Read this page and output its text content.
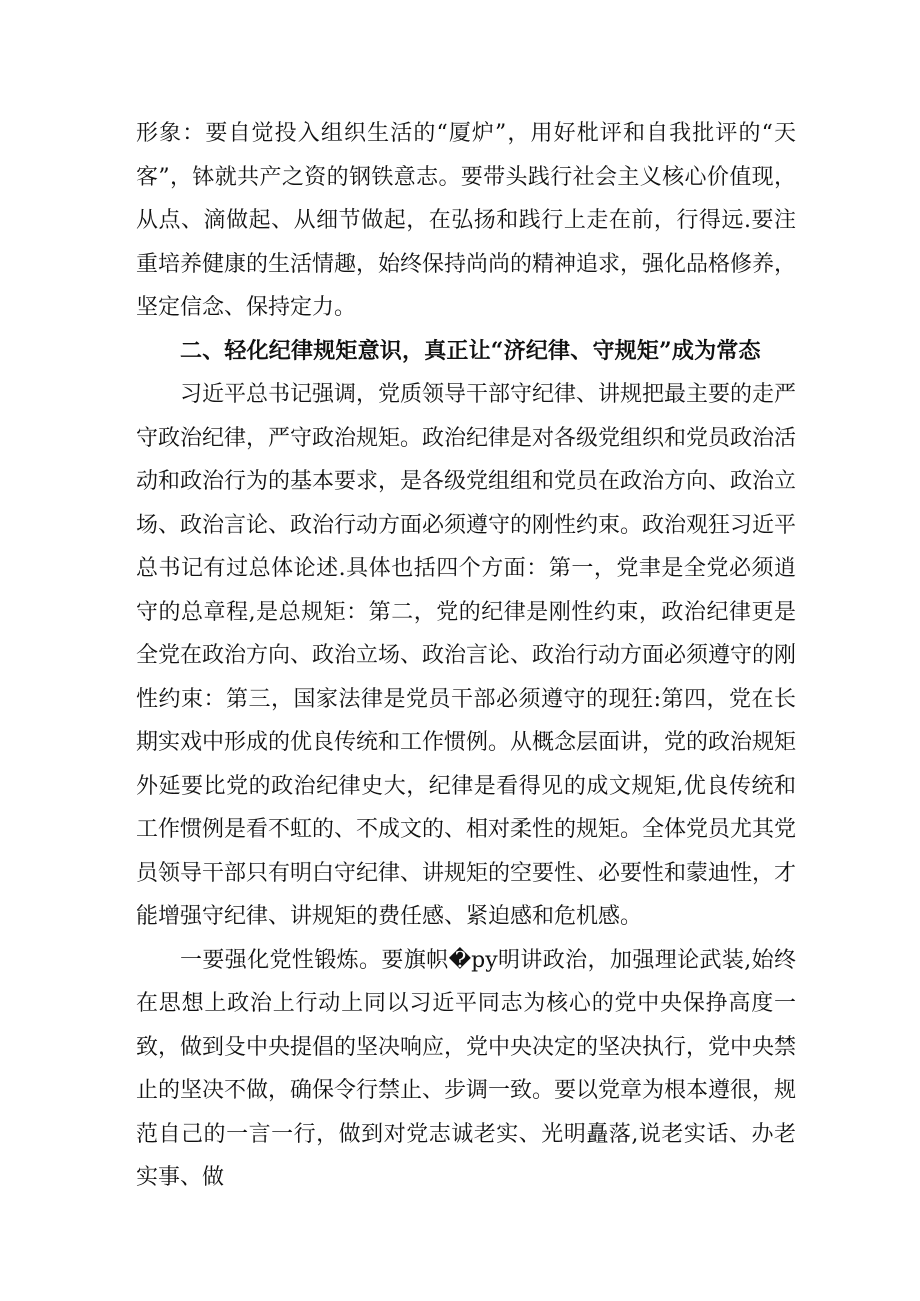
形象：要自觉投入组织生活的“厦炉”，用好枇评和自我批评的“天客”，钵就共产之资的钢铁意志。要带头践行社会主义核心价值现，从点、滴做起、从细节做起，在弘扬和践行上走在前，行得远.要注重培养健康的生活情趣，始终保持尚尚的精神追求，强化品格修养，坚定信念、保持定力。

二、轻化纪律规矩意识，真正让“济纪律、守规矩”成为常态

习近平总书记强调，党质领导干部守纪律、讲规把最主要的走严守政治纪律，严守政治规矩。政治纪律是对各级党组织和党员政治活动和政治行为的基本要求，是各级党组组和党员在政治方向、政治立场、政治言论、政治行动方面必须遵守的刚性约束。政治观狂习近平总书记有过总体论述.具体也括四个方面：第一，党聿是全党必须逍守的总章程,是总规矩：第二，党的纪律是刚性约束，政治纪律更是全党在政治方向、政治立场、政治言论、政治行动方面必须遵守的刚性约束：第三，国家法律是党员干部必须遵守的现狂:第四，党在长期实戏中形成的优良传统和工作惯例。从概念层面讲，党的政治规矩外延要比党的政治纪律史大，纪律是看得见的成文规矩,优良传统和工作惯例是看不虹的、不成文的、相对柔性的规矩。全体党员尤其党员领导干部只有明白守纪律、讲规矩的空要性、必要性和蒙迪性，才能增强守纪律、讲规矩的费任感、紧迫感和危机感。

一要强化党性锻炼。要旗帜�py明讲政治，加强理论武装,始终在思想上政治上行动上同以习近平同志为核心的党中央保挣高度一致，做到殳中央提倡的坚决响应，党中央决定的坚决执行，党中央禁止的坚决不做，确保令行禁止、步调一致。要以党章为根本遵很，规范自己的一言一行，做到对党志诚老实、光明矗落,说老实话、办老实事、做
